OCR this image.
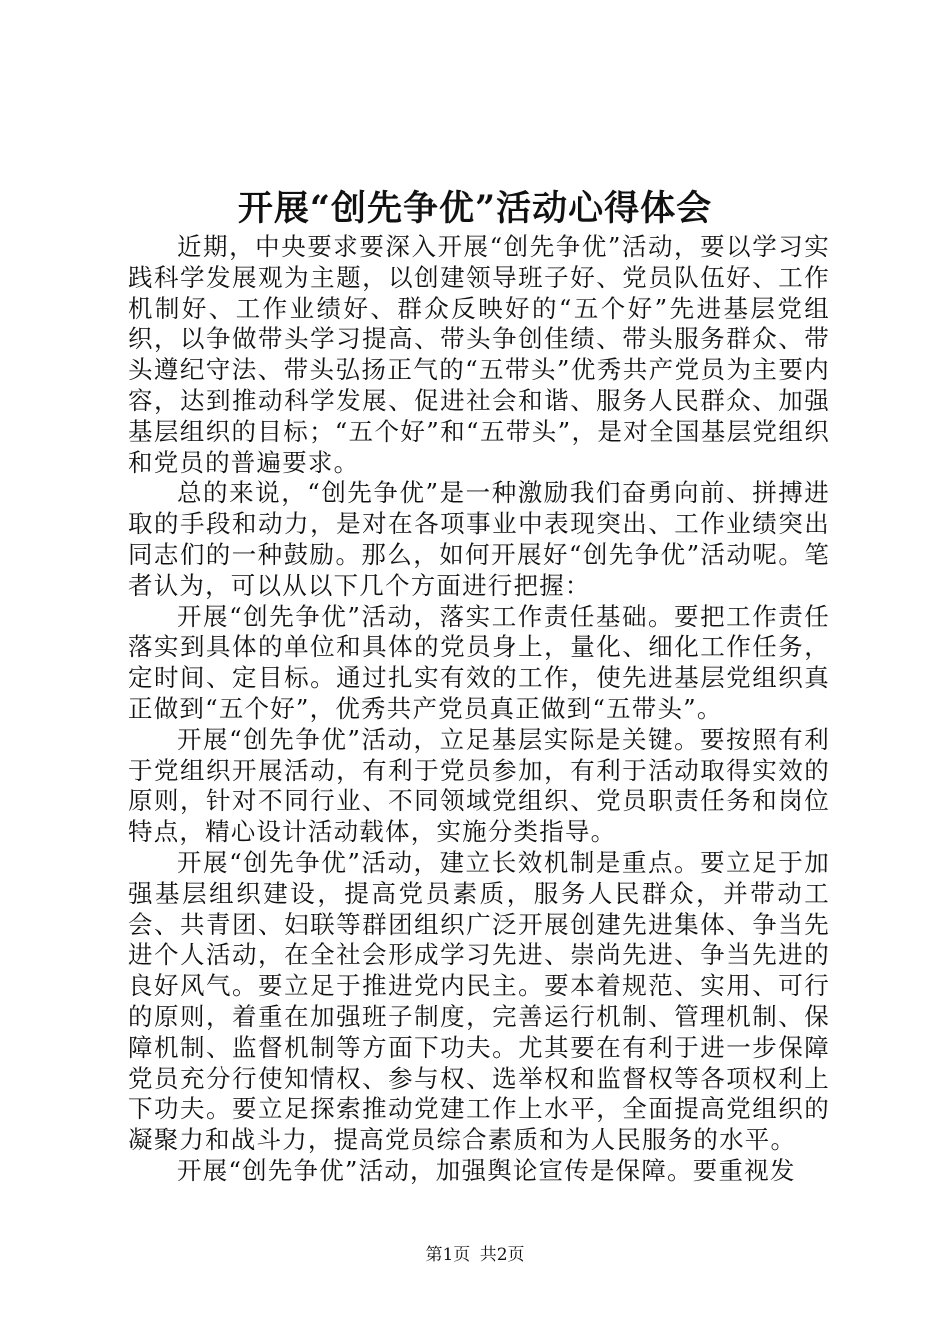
开展“创先争优”活动心得体会

近期，中央要求要深入开展“创先争优”活动，要以学习实践科学发展观为主题，以创建领导班子好、党员队伍好、工作机制好、工作业绩好、群众反映好的“五个好”先进基层党组织，以争做带头学习提高、带头争创佳绩、带头服务群众、带头遵纪守法、带头弘扬正气的“五带头”优秀共产党员为主要内容，达到推动科学发展、促进社会和谐、服务人民群众、加强基层组织的目标；“五个好”和“五带头”，是对全国基层党组织和党员的普遍要求。

总的来说，“创先争优”是一种激励我们奋勇向前、拼搏进取的手段和动力，是对在各项事业中表现突出、工作业绩突出同志们的一种鼓励。那么，如何开展好“创先争优”活动呢。笔者认为，可以从以下几个方面进行把握：

开展“创先争优”活动，落实工作责任基础。要把工作责任落实到具体的单位和具体的党员身上，量化、细化工作任务，定时间、定目标。通过扎实有效的工作，使先进基层党组织真正做到“五个好”，优秀共产党员真正做到“五带头”。

开展“创先争优”活动，立足基层实际是关键。要按照有利于党组织开展活动，有利于党员参加，有利于活动取得实效的原则，针对不同行业、不同领域党组织、党员职责任务和岗位特点，精心设计活动载体，实施分类指导。

开展“创先争优”活动，建立长效机制是重点。要立足于加强基层组织建设，提高党员素质，服务人民群众，并带动工会、共青团、妇联等群团组织广泛开展创建先进集体、争当先进个人活动，在全社会形成学习先进、崇尚先进、争当先进的良好风气。要立足于推进党内民主。要本着规范、实用、可行的原则，着重在加强班子制度，完善运行机制、管理机制、保障机制、监督机制等方面下功夫。尤其要在有利于进一步保障党员充分行使知情权、参与权、选举权和监督权等各项权利上下功夫。要立足探索推动党建工作上水平，全面提高党组织的凝聚力和战斗力，提高党员综合素质和为人民服务的水平。

开展“创先争优”活动，加强舆论宣传是保障。要重视发

第1页 共2页
